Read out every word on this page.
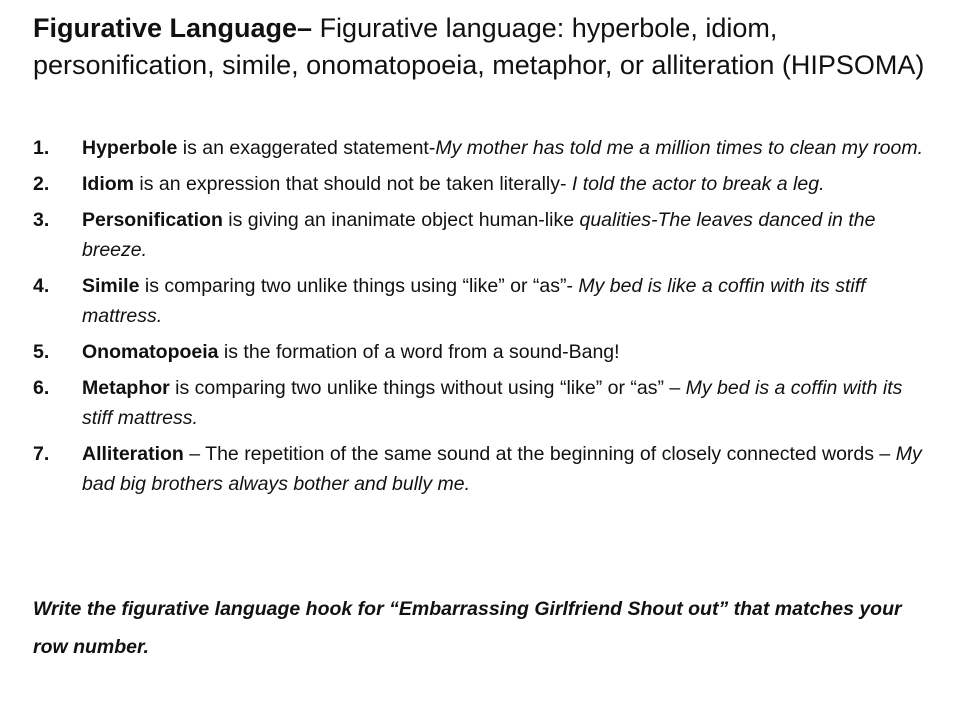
Figurative Language– Figurative language: hyperbole, idiom, personification, simile, onomatopoeia, metaphor, or alliteration (HIPSOMA)
1. Hyperbole is an exaggerated statement-My mother has told me a million times to clean my room.
2. Idiom is an expression that should not be taken literally- I told the actor to break a leg.
3. Personification is giving an inanimate object human-like qualities-The leaves danced in the breeze.
4. Simile is comparing two unlike things using “like” or “as”- My bed is like a coffin with its stiff mattress.
5. Onomatopoeia is the formation of a word from a sound-Bang!
6. Metaphor is comparing two unlike things without using “like” or “as” – My bed is a coffin with its stiff mattress.
7. Alliteration – The repetition of the same sound at the beginning of closely connected words – My bad big brothers always bother and bully me.
Write the figurative language hook for “Embarrassing Girlfriend Shout out” that matches your row number.
